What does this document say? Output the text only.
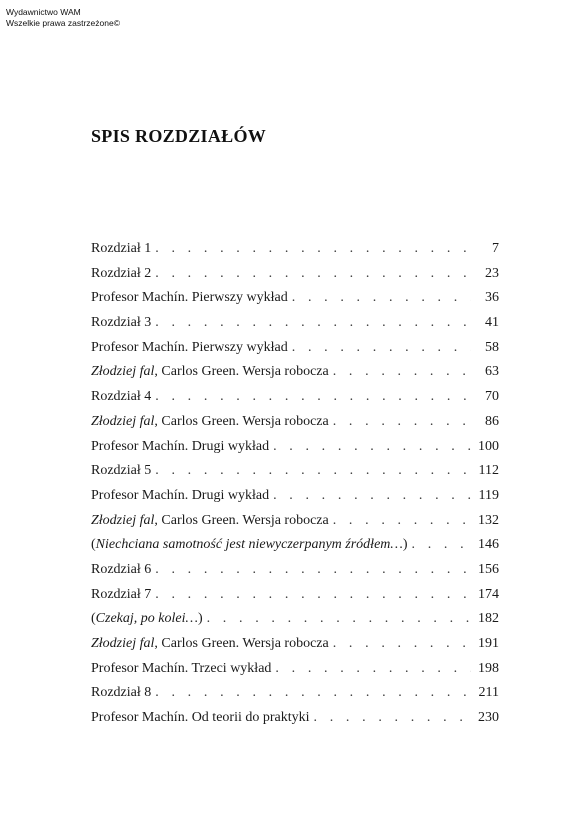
Wydawnictwo WAM
Wszelkie prawa zastrzeżone©
SPIS ROZDZIAŁÓW
Rozdział 1 . . .	7
Rozdział 2 . . .	23
Profesor Machín. Pierwszy wykład . . .	36
Rozdział 3 . . .	41
Profesor Machín. Pierwszy wykład . . .	58
Złodziej fal, Carlos Green. Wersja robocza . . .	63
Rozdział 4 . . .	70
Złodziej fal, Carlos Green. Wersja robocza . . .	86
Profesor Machín. Drugi wykład . . .	100
Rozdział 5 . . .	112
Profesor Machín. Drugi wykład . . .	119
Złodziej fal, Carlos Green. Wersja robocza . . .	132
(Niechciana samotność jest niewyczerpanym źródłem…) . . .	146
Rozdział 6 . . .	156
Rozdział 7 . . .	174
(Czekaj, po kolei…) . . .	182
Złodziej fal, Carlos Green. Wersja robocza . . .	191
Profesor Machín. Trzeci wykład . . .	198
Rozdział 8 . . .	211
Profesor Machín. Od teorii do praktyki . . .	230
